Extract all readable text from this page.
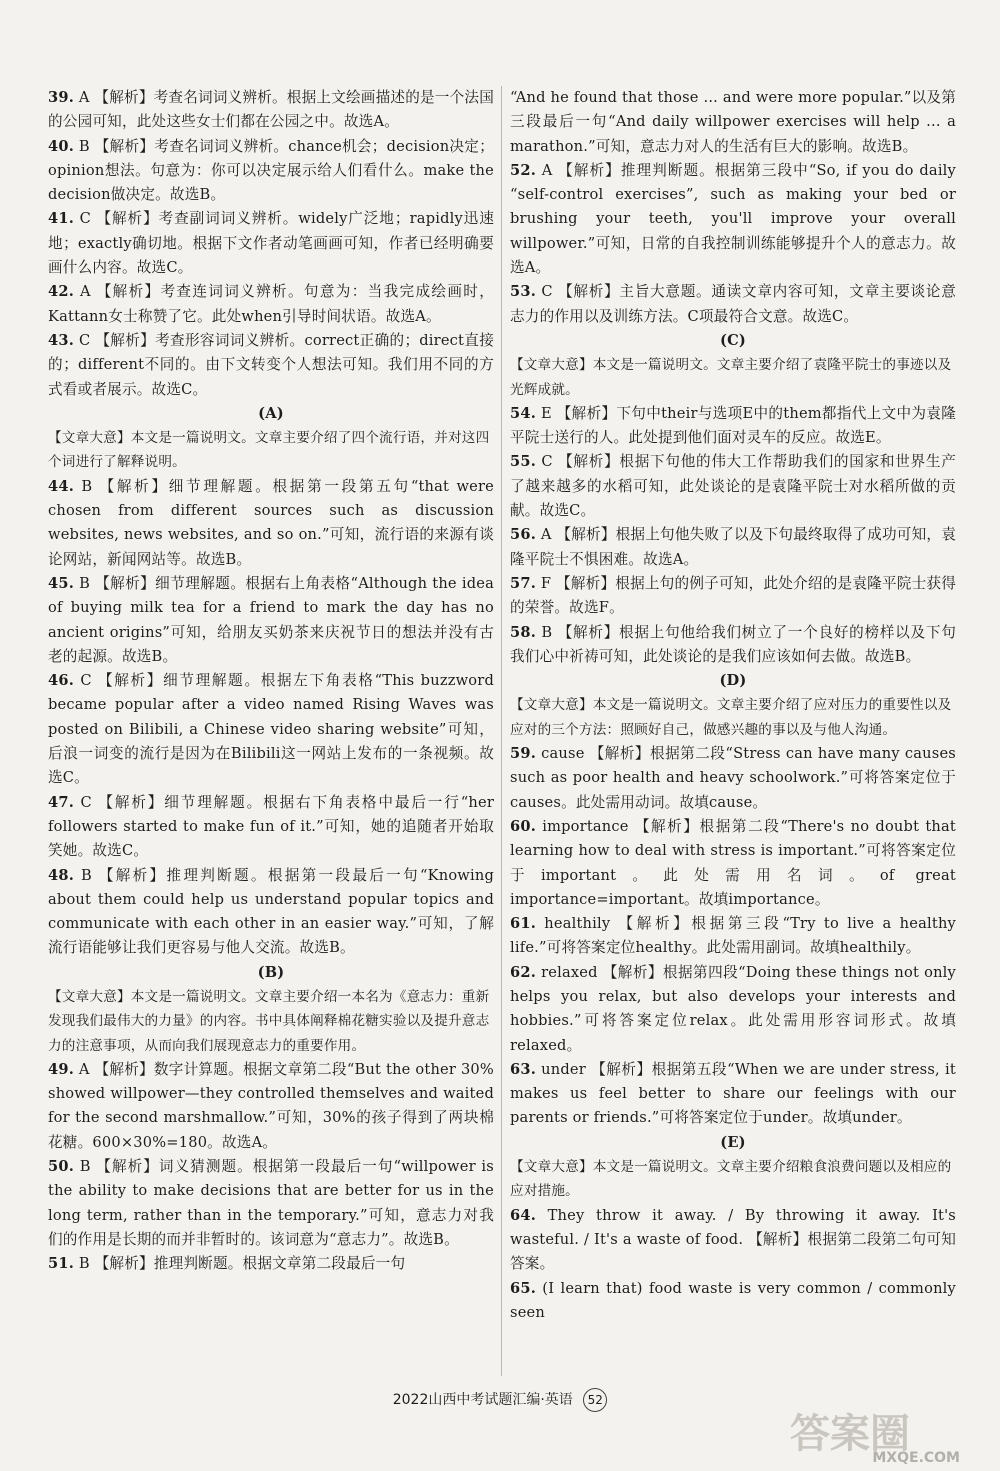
39. A 【解析】考查名词词义辨析。根据上文绘画描述的是一个法国的公园可知，此处这些女士们都在公园之中。故选A。

40. B 【解析】考查名词词义辨析。chance机会；decision决定；opinion想法。句意为：你可以决定展示给人们看什么。make the decision做决定。故选B。

41. C 【解析】考查副词词义辨析。widely广泛地；rapidly迅速地；exactly确切地。根据下文作者动笔画画可知，作者已经明确要画什么内容。故选C。

42. A 【解析】考查连词词义辨析。句意为：当我完成绘画时，Kattann女士称赞了它。此处when引导时间状语。故选A。

43. C 【解析】考查形容词词义辨析。correct正确的；direct直接的；different不同的。由下文转变个人想法可知。我们用不同的方式看或者展示。故选C。

(A)

【文章大意】本文是一篇说明文。文章主要介绍了四个流行语，并对这四个词进行了解释说明。

44. B 【解析】细节理解题。根据第一段第五句“that were chosen from different sources such as discussion websites, news websites, and so on.”可知，流行语的来源有谈论网站，新闻网站等。故选B。

45. B 【解析】细节理解题。根据右上角表格“Although the idea of buying milk tea for a friend to mark the day has no ancient origins”可知，给朋友买奶茶来庆祝节日的想法并没有古老的起源。故选B。

46. C 【解析】细节理解题。根据左下角表格“This buzzword became popular after a video named Rising Waves was posted on Bilibili, a Chinese video sharing website”可知，后浪一词变的流行是因为在Bilibili这一网站上发布的一条视频。故选C。

47. C 【解析】细节理解题。根据右下角表格中最后一行“her followers started to make fun of it.”可知，她的追随者开始取笑她。故选C。

48. B 【解析】推理判断题。根据第一段最后一句“Knowing about them could help us understand popular topics and communicate with each other in an easier way.”可知，了解流行语能够让我们更容易与他人交流。故选B。

(B)

【文章大意】本文是一篇说明文。文章主要介绍一本名为《意志力：重新发现我们最伟大的力量》的内容。书中具体阐释棉花糖实验以及提升意志力的注意事项，从而向我们展现意志力的重要作用。

49. A 【解析】数字计算题。根据文章第二段“But the other 30% showed willpower—they controlled themselves and waited for the second marshmallow.”可知，30%的孩子得到了两块棉花糖。600×30%=180。故选A。

50. B 【解析】词义猜测题。根据第一段最后一句“willpower is the ability to make decisions that are better for us in the long term, rather than in the temporary.”可知，意志力对我们的作用是长期的而并非暂时的。该词意为“意志力”。故选B。

51. B 【解析】推理判断题。根据文章第二段最后一句

“And he found that those ... and were more popular.”以及第三段最后一句“And daily willpower exercises will help ... a marathon.”可知，意志力对人的生活有巨大的影响。故选B。

52. A 【解析】推理判断题。根据第三段中“So, if you do daily “self-control exercises”, such as making your bed or brushing your teeth, you'll improve your overall willpower.”可知，日常的自我控制训练能够提升个人的意志力。故选A。

53. C 【解析】主旨大意题。通读文章内容可知，文章主要谈论意志力的作用以及训练方法。C项最符合文意。故选C。

(C)

【文章大意】本文是一篇说明文。文章主要介绍了袁隆平院士的事迹以及光辉成就。

54. E 【解析】下句中their与选项E中的them都指代上文中为袁隆平院士送行的人。此处提到他们面对灵车的反应。故选E。

55. C 【解析】根据下句他的伟大工作帮助我们的国家和世界生产了越来越多的水稻可知，此处谈论的是袁隆平院士对水稻所做的贡献。故选C。

56. A 【解析】根据上句他失败了以及下句最终取得了成功可知，袁隆平院士不惧困难。故选A。

57. F 【解析】根据上句的例子可知，此处介绍的是袁隆平院士获得的荣誉。故选F。

58. B 【解析】根据上句他给我们树立了一个良好的榜样以及下句我们心中祈祷可知，此处谈论的是我们应该如何去做。故选B。

(D)

【文章大意】本文是一篇说明文。文章主要介绍了应对压力的重要性以及应对的三个方法：照顾好自己，做感兴趣的事以及与他人沟通。

59. cause 【解析】根据第二段“Stress can have many causes such as poor health and heavy schoolwork.”可将答案定位于causes。此处需用动词。故填cause。

60. importance 【解析】根据第二段“There's no doubt that learning how to deal with stress is important.”可将答案定位于important。此处需用名词。of great importance=important。故填importance。

61. healthily 【解析】根据第三段“Try to live a healthy life.”可将答案定位healthy。此处需用副词。故填healthily。

62. relaxed 【解析】根据第四段“Doing these things not only helps you relax, but also develops your interests and hobbies.”可将答案定位relax。此处需用形容词形式。故填relaxed。

63. under 【解析】根据第五段“When we are under stress, it makes us feel better to share our feelings with our parents or friends.”可将答案定位于under。故填under。

(E)

【文章大意】本文是一篇说明文。文章主要介绍粮食浪费问题以及相应的应对措施。

64. They throw it away. / By throwing it away. It's wasteful. / It's a waste of food. 【解析】根据第二段第二句可知答案。

65. (I learn that) food waste is very common / commonly seen

2022山西中考试题汇编·英语 52
答案圈
MXQE.COM
